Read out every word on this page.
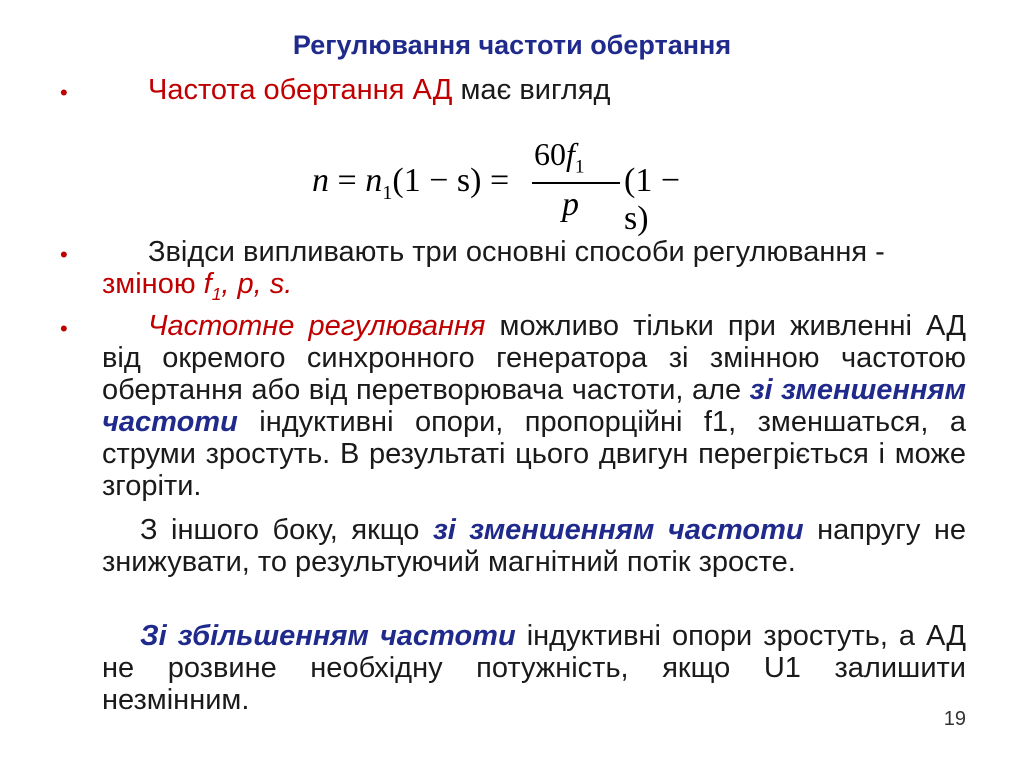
Регулювання частоти обертання
•	Частота обертання АД має вигляд
$n = n_1(1 - s)$ =
$60f_1$
p
(1 − s)
•	Звідси випливають три основні способи регулювання - зміною $f_1$, p, s.
•	Частотне регулювання можливо тільки при живленні АД від окремого синхронного генератора зі змінною частотою обертання або від перетворювача частоти, але зі зменшенням частоти індуктивні опори, пропорційні f1, зменшаться, а струми зростуть. В результаті цього двигун перегріється і може згоріти.
З іншого боку, якщо зі зменшенням частоти напругу не знижувати, то результуючий магнітний потік зросте.
Зі збільшенням частоти індуктивні опори зростуть, а АД не розвине необхідну потужність, якщо U1 залишити незмінним.
19
